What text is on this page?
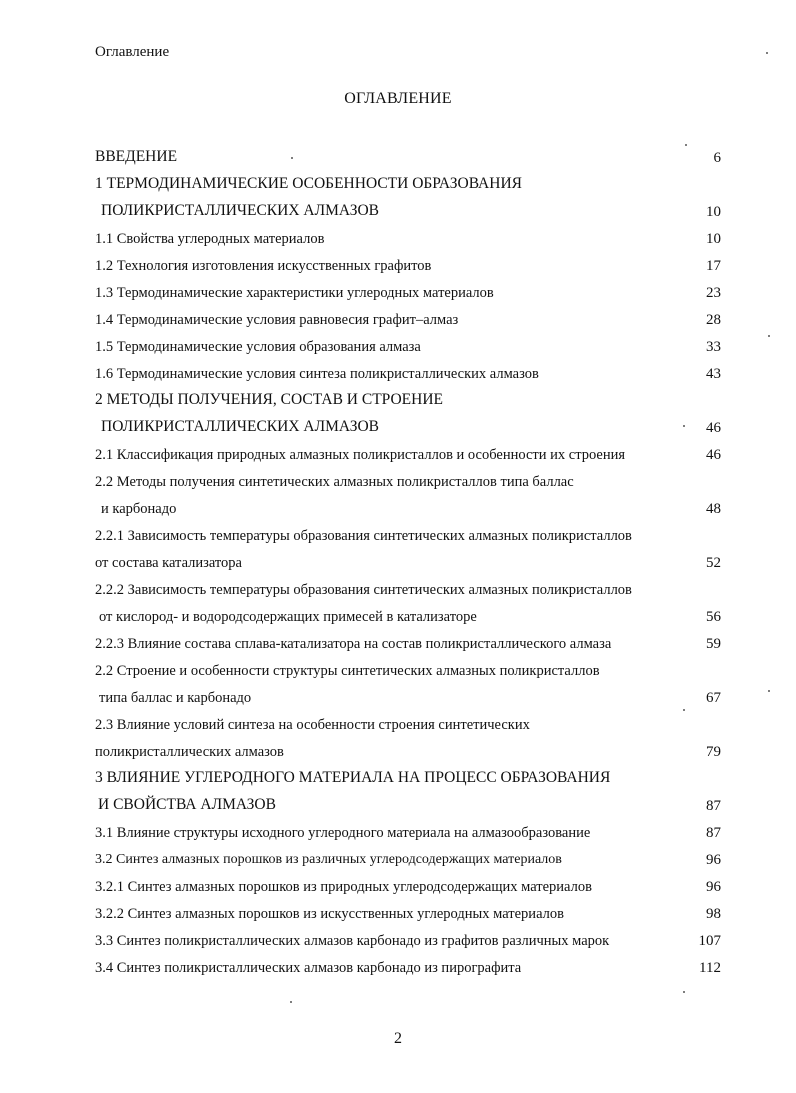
Оглавление
ОГЛАВЛЕНИЕ
ВВЕДЕНИЕ	6
1 ТЕРМОДИНАМИЧЕСКИЕ ОСОБЕННОСТИ ОБРАЗОВАНИЯ
ПОЛИКРИСТАЛЛИЧЕСКИХ АЛМАЗОВ	10
1.1 Свойства углеродных материалов	10
1.2 Технология изготовления искусственных графитов	17
1.3 Термодинамические характеристики углеродных материалов	23
1.4 Термодинамические условия равновесия графит–алмаз	28
1.5 Термодинамические условия образования алмаза	33
1.6 Термодинамические условия синтеза поликристаллических алмазов	43
2 МЕТОДЫ ПОЛУЧЕНИЯ, СОСТАВ И СТРОЕНИЕ
ПОЛИКРИСТАЛЛИЧЕСКИХ АЛМАЗОВ	46
2.1 Классификация природных алмазных поликристаллов и особенности их строения	46
2.2 Методы получения синтетических алмазных поликристаллов типа баллас
и карбонадо	48
2.2.1 Зависимость температуры образования синтетических алмазных поликристаллов
от состава катализатора	52
2.2.2 Зависимость температуры образования синтетических алмазных поликристаллов
от кислород- и водородсодержащих примесей в катализаторе	56
2.2.3 Влияние состава сплава-катализатора на состав поликристаллического алмаза	59
2.2 Строение и особенности структуры синтетических алмазных поликристаллов
типа баллас и карбонадо	67
2.3 Влияние условий синтеза на особенности строения синтетических
поликристаллических алмазов	79
3 ВЛИЯНИЕ УГЛЕРОДНОГО МАТЕРИАЛА НА ПРОЦЕСС ОБРАЗОВАНИЯ
И СВОЙСТВА АЛМАЗОВ	87
3.1 Влияние структуры исходного углеродного материала на алмазообразование	87
3.2 Синтез алмазных порошков из различных углеродсодержащих материалов	96
3.2.1 Синтез алмазных порошков из природных углеродсодержащих материалов	96
3.2.2 Синтез алмазных порошков из искусственных углеродных материалов	98
3.3 Синтез поликристаллических алмазов карбонадо из графитов различных марок	107
3.4 Синтез поликристаллических алмазов карбонадо из пирографита	112
2
